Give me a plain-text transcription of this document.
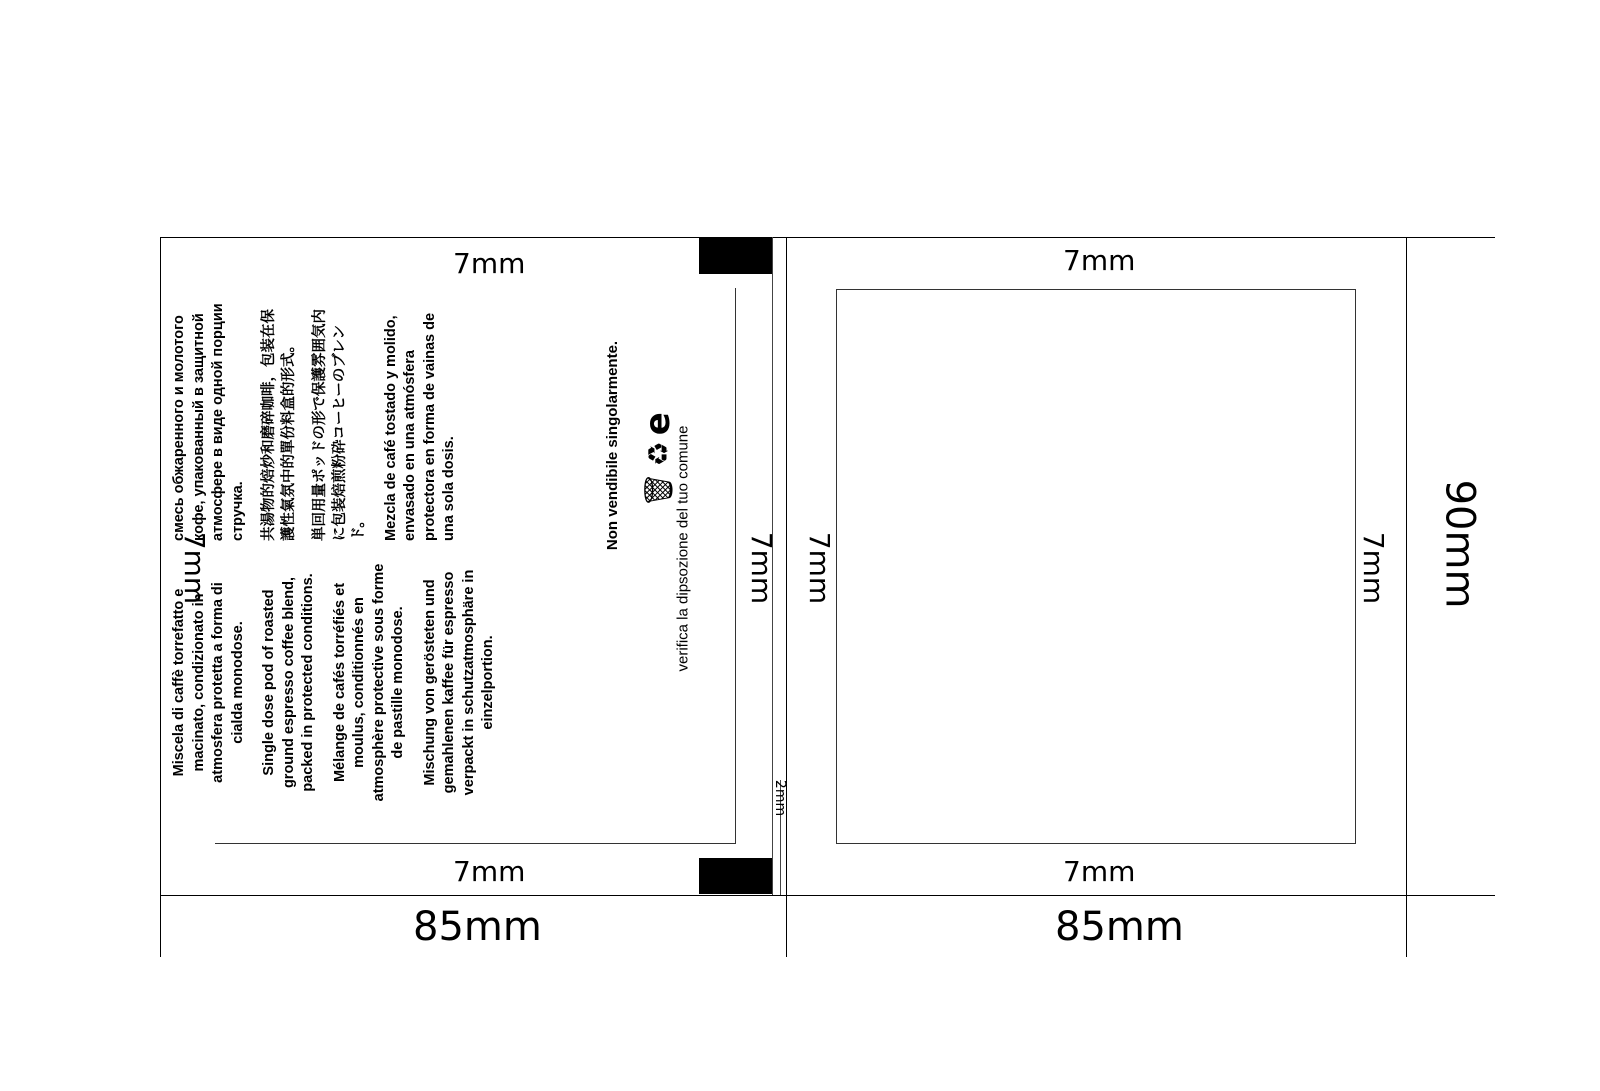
7mm
7mm
7mm	7mm
7mm
7mm
7mm	7mm
85mm	85mm
90mm
2mm
Miscela di caffè torrefatto e macinato, condizionato in atmosfera protetta a forma di cialda monodose. Single dose pod of roasted ground espresso coffee blend, packed in protected conditions. Mélange de cafés torréfiés et moulus, conditionnés en atmosphère protective sous forme de pastille monodose. Mischung von gerösteten und gemahlenen kaffee für espresso verpackt in schutzatmosphäre in einzelportion.
смесь обжаренного и молотого кофе, упакованный в защитной атмосфере в виде одной порции стручка. 共湯物的焙炒和磨碎咖啡，包装在保護性氣氛中的單份料盒的形式。 単回用量ポッドの形で保護雰囲気内に包装焙煎粉砕コーヒーのブレンド。 Mezcla de café tostado y molido, envasado en una atmósfera protectora en forma de vainas de una sola dosis.	Non vendibile singolarmente. 🗑
♻
e
verifica la dipsozione del tuo comune
